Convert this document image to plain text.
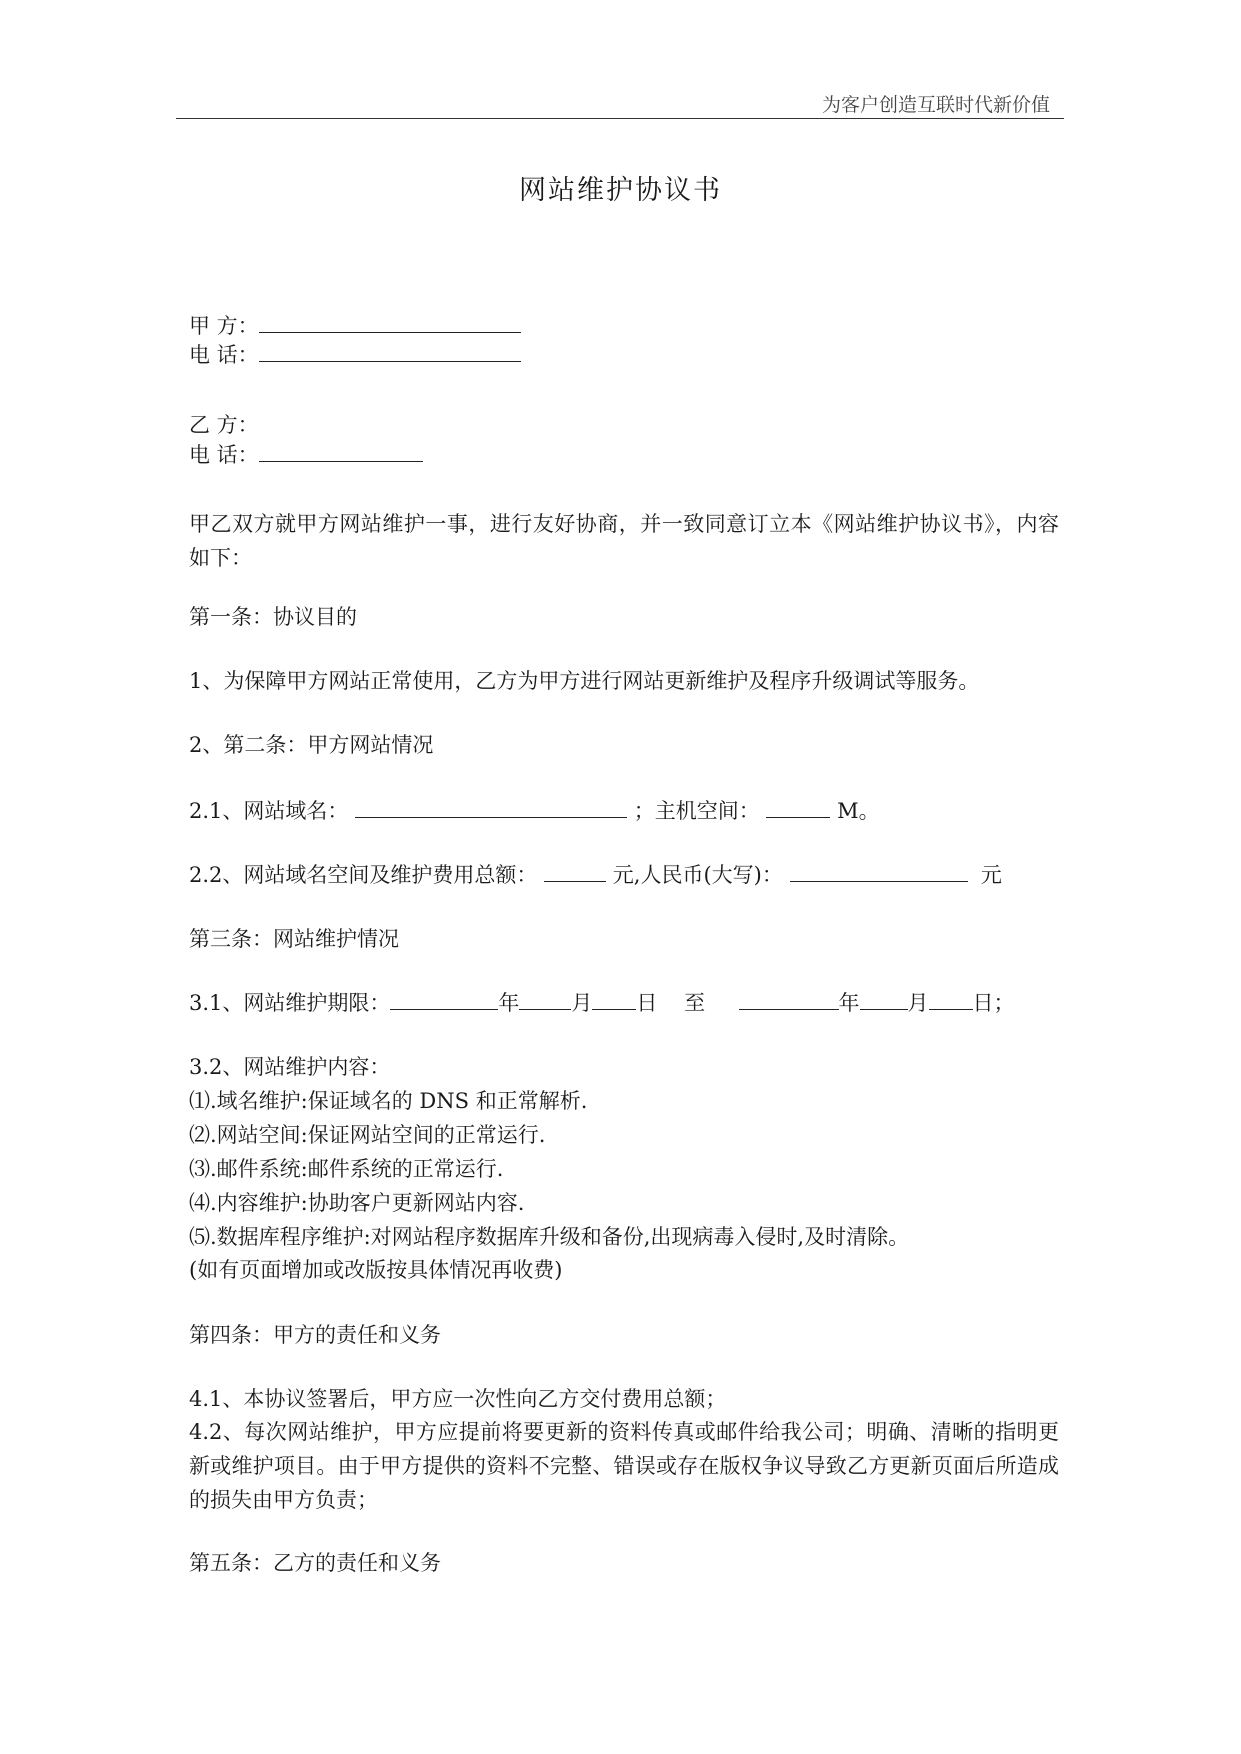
为客户创造互联时代新价值
网站维护协议书
甲 方：
电 话：
乙 方：
电 话：
甲乙双方就甲方网站维护一事，进行友好协商，并一致同意订立本《网站维护协议书》，内容如下：
第一条：协议目的
1、为保障甲方网站正常使用，乙方为甲方进行网站更新维护及程序升级调试等服务。
2、第二条：甲方网站情况
2.1、网站域名：	；主机空间：	M。
2.2、网站域名空间及维护费用总额：	元,人民币(大写)：	元
第三条：网站维护情况
3.1、网站维护期限：	年 月 日 至	年 月 日；
3.2、网站维护内容：
⑴.域名维护:保证域名的 DNS 和正常解析.
⑵.网站空间:保证网站空间的正常运行.
⑶.邮件系统:邮件系统的正常运行.
⑷.内容维护:协助客户更新网站内容.
⑸.数据库程序维护:对网站程序数据库升级和备份,出现病毒入侵时,及时清除。
(如有页面增加或改版按具体情况再收费)
第四条：甲方的责任和义务
4.1、本协议签署后，甲方应一次性向乙方交付费用总额；
4.2、每次网站维护，甲方应提前将要更新的资料传真或邮件给我公司；明确、清晰的指明更新或维护项目。由于甲方提供的资料不完整、错误或存在版权争议导致乙方更新页面后所造成的损失由甲方负责；
第五条：乙方的责任和义务
